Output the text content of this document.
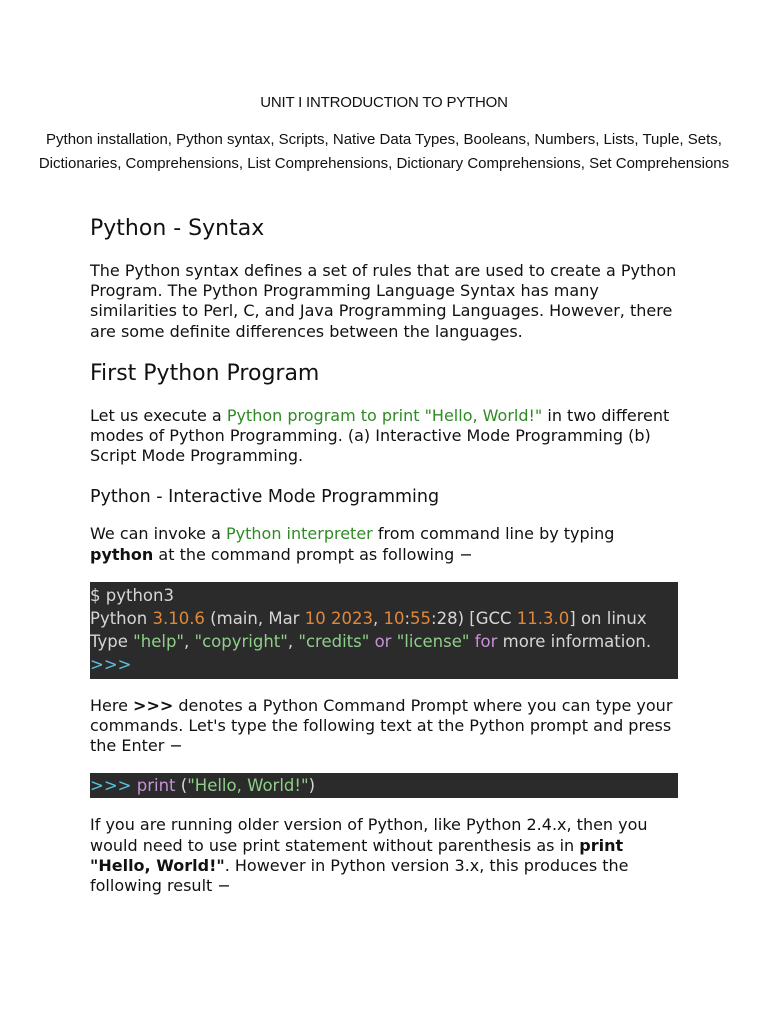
UNIT I INTRODUCTION TO PYTHON
Python installation, Python syntax, Scripts, Native Data Types, Booleans, Numbers, Lists, Tuple, Sets, Dictionaries, Comprehensions, List Comprehensions, Dictionary Comprehensions, Set Comprehensions
Python - Syntax

The Python syntax defines a set of rules that are used to create a Python Program. The Python Programming Language Syntax has many similarities to Perl, C, and Java Programming Languages. However, there are some definite differences between the languages.

First Python Program

Let us execute a Python program to print "Hello, World!" in two different modes of Python Programming. (a) Interactive Mode Programming (b) Script Mode Programming.

Python - Interactive Mode Programming

We can invoke a Python interpreter from command line by typing python at the command prompt as following −

$ python3
Python 3.10.6 (main, Mar 10 2023, 10:55:28) [GCC 11.3.0] on linux
Type "help", "copyright", "credits" or "license" for more information.
>>>

Here >>> denotes a Python Command Prompt where you can type your commands. Let's type the following text at the Python prompt and press the Enter −

>>> print ("Hello, World!")

If you are running older version of Python, like Python 2.4.x, then you would need to use print statement without parenthesis as in print "Hello, World!". However in Python version 3.x, this produces the following result −
